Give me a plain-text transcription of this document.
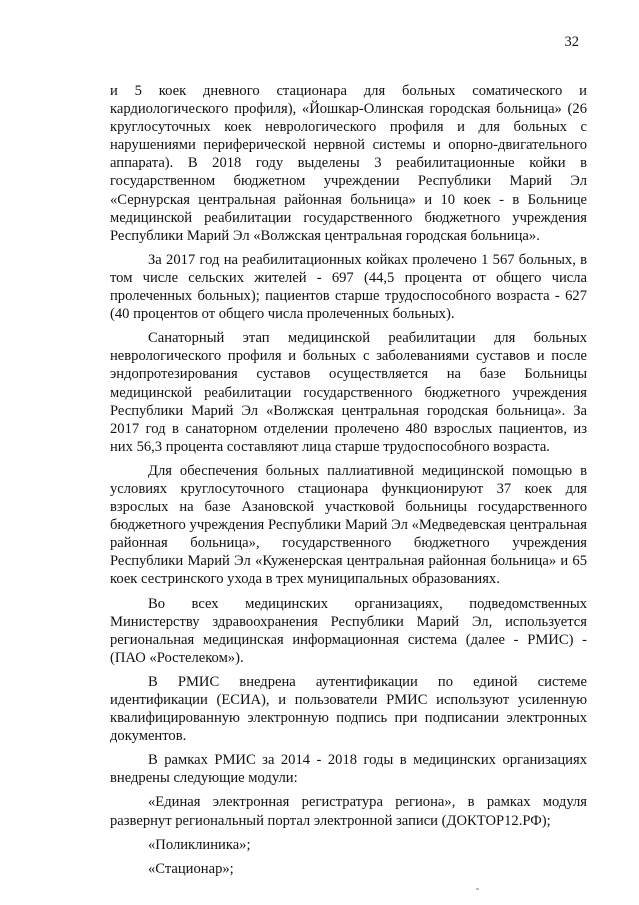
32

и 5 коек дневного стационара для больных соматического и кардиологического профиля), «Йошкар-Олинская городская больница» (26 круглосуточных коек неврологического профиля и для больных с нарушениями периферической нервной системы и опорно-двигательного аппарата). В 2018 году выделены 3 реабилитационные койки в государственном бюджетном учреждении Республики Марий Эл «Сернурская центральная районная больница» и 10 коек - в Больнице медицинской реабилитации государственного бюджетного учреждения Республики Марий Эл «Волжская центральная городская больница».

За 2017 год на реабилитационных койках пролечено 1 567 больных, в том числе сельских жителей - 697 (44,5 процента от общего числа пролеченных больных); пациентов старше трудоспособного возраста - 627 (40 процентов от общего числа пролеченных больных).

Санаторный этап медицинской реабилитации для больных неврологического профиля и больных с заболеваниями суставов и после эндопротезирования суставов осуществляется на базе Больницы медицинской реабилитации государственного бюджетного учреждения Республики Марий Эл «Волжская центральная городская больница». За 2017 год в санаторном отделении пролечено 480 взрослых пациентов, из них 56,3 процента составляют лица старше трудоспособного возраста.

Для обеспечения больных паллиативной медицинской помощью в условиях круглосуточного стационара функционируют 37 коек для взрослых на базе Азановской участковой больницы государственного бюджетного учреждения Республики Марий Эл «Медведевская центральная районная больница», государственного бюджетного учреждения Республики Марий Эл «Куженерская центральная районная больница» и 65 коек сестринского ухода в трех муниципальных образованиях.

Во всех медицинских организациях, подведомственных Министерству здравоохранения Республики Марий Эл, используется региональная медицинская информационная система (далее - РМИС) - (ПАО «Ростелеком»).

В РМИС внедрена аутентификации по единой системе идентификации (ЕСИА), и пользователи РМИС используют усиленную квалифицированную электронную подпись при подписании электронных документов.

В рамках РМИС за 2014 - 2018 годы в медицинских организациях внедрены следующие модули:

«Единая электронная регистратура региона», в рамках модуля развернут региональный портал электронной записи (ДОКТОР12.РФ);

«Поликлиника»;

«Стационар»;
